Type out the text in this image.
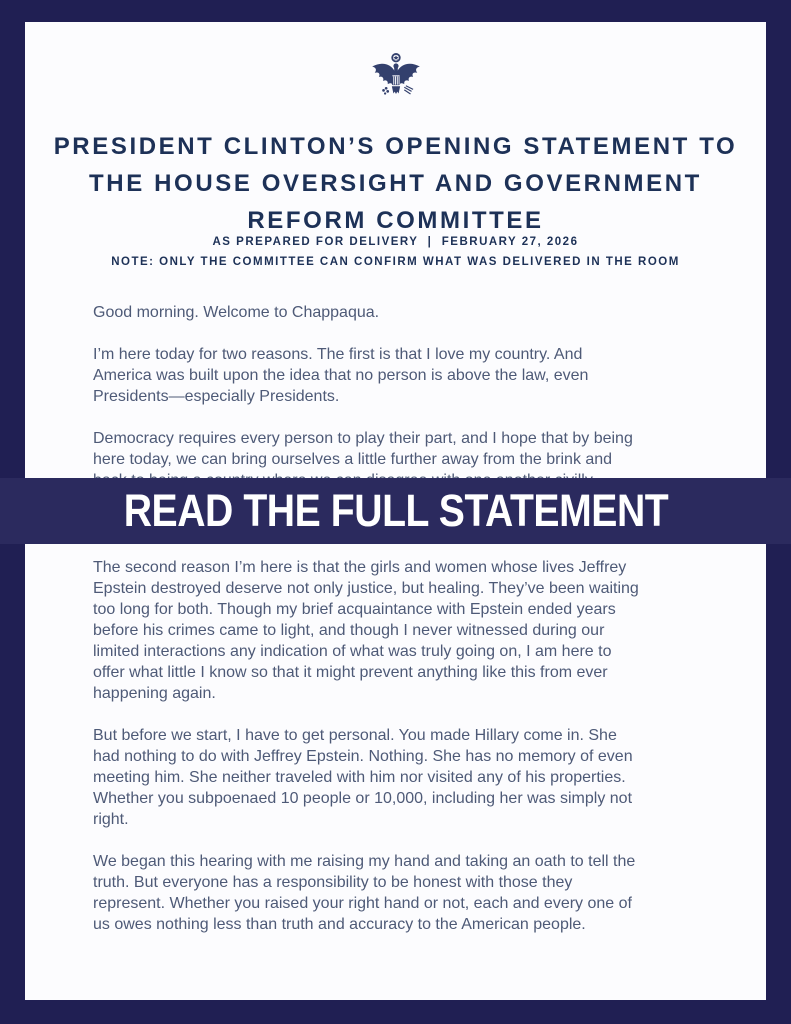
PRESIDENT CLINTON’S OPENING STATEMENT TO
THE HOUSE OVERSIGHT AND GOVERNMENT
REFORM COMMITTEE
AS PREPARED FOR DELIVERY  |  FEBRUARY 27, 2026
NOTE: ONLY THE COMMITTEE CAN CONFIRM WHAT WAS DELIVERED IN THE ROOM

Good morning. Welcome to Chappaqua.

I’m here today for two reasons. The first is that I love my country. And
America was built upon the idea that no person is above the law, even
Presidents—especially Presidents.

Democracy requires every person to play their part, and I hope that by being
here today, we can bring ourselves a little further away from the brink and

The second reason I’m here is that the girls and women whose lives Jeffrey
Epstein destroyed deserve not only justice, but healing. They’ve been waiting
too long for both. Though my brief acquaintance with Epstein ended years
before his crimes came to light, and though I never witnessed during our
limited interactions any indication of what was truly going on, I am here to
offer what little I know so that it might prevent anything like this from ever
happening again.

But before we start, I have to get personal. You made Hillary come in. She
had nothing to do with Jeffrey Epstein. Nothing. She has no memory of even
meeting him. She neither traveled with him nor visited any of his properties.
Whether you subpoenaed 10 people or 10,000, including her was simply not
right.

We began this hearing with me raising my hand and taking an oath to tell the
truth. But everyone has a responsibility to be honest with those they
represent. Whether you raised your right hand or not, each and every one of
us owes nothing less than truth and accuracy to the American people.

READ THE FULL STATEMENT
